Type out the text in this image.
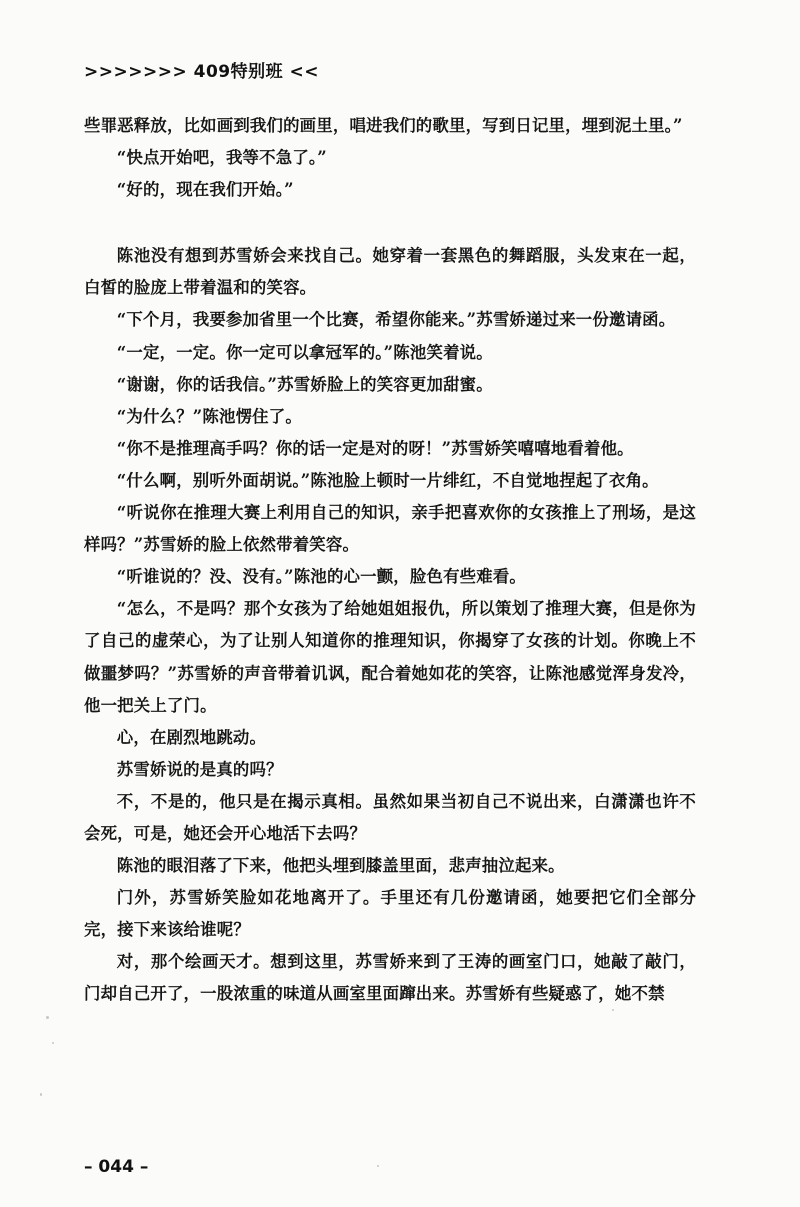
>>>>>>> 409特别班 <<

些罪恶释放，比如画到我们的画里，唱进我们的歌里，写到日记里，埋到泥土里。”

“快点开始吧，我等不急了。”

“好的，现在我们开始。”

陈池没有想到苏雪娇会来找自己。她穿着一套黑色的舞蹈服，头发束在一起，白皙的脸庞上带着温和的笑容。

“下个月，我要参加省里一个比赛，希望你能来。”苏雪娇递过来一份邀请函。

“一定，一定。你一定可以拿冠军的。”陈池笑着说。

“谢谢，你的话我信。”苏雪娇脸上的笑容更加甜蜜。

“为什么？”陈池愣住了。

“你不是推理高手吗？你的话一定是对的呀！”苏雪娇笑嘻嘻地看着他。

“什么啊，别听外面胡说。”陈池脸上顿时一片绯红，不自觉地捏起了衣角。

“听说你在推理大赛上利用自己的知识，亲手把喜欢你的女孩推上了刑场，是这样吗？”苏雪娇的脸上依然带着笑容。

“听谁说的？没、没有。”陈池的心一颤，脸色有些难看。

“怎么，不是吗？那个女孩为了给她姐姐报仇，所以策划了推理大赛，但是你为了自己的虚荣心，为了让别人知道你的推理知识，你揭穿了女孩的计划。你晚上不做噩梦吗？”苏雪娇的声音带着讥讽，配合着她如花的笑容，让陈池感觉浑身发冷，他一把关上了门。

心，在剧烈地跳动。

苏雪娇说的是真的吗？

不，不是的，他只是在揭示真相。虽然如果当初自己不说出来，白潇潇也许不会死，可是，她还会开心地活下去吗？

陈池的眼泪落了下来，他把头埋到膝盖里面，悲声抽泣起来。

门外，苏雪娇笑脸如花地离开了。手里还有几份邀请函，她要把它们全部分完，接下来该给谁呢？

对，那个绘画天才。想到这里，苏雪娇来到了王涛的画室门口，她敲了敲门，门却自己开了，一股浓重的味道从画室里面蹿出来。苏雪娇有些疑惑了，她不禁

– 044 –
